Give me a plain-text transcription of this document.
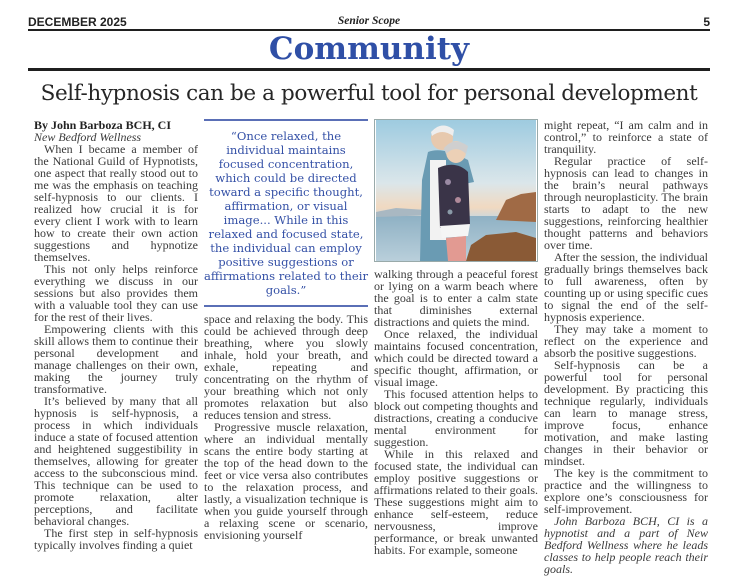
DECEMBER 2025	Senior Scope	5
Community
Self-hypnosis can be a powerful tool for personal development

By John Barboza BCH, CI

New Bedford Wellness

When I became a member of the National Guild of Hypnotists, one aspect that really stood out to me was the emphasis on teaching self-hypnosis to our clients. I realized how crucial it is for every client I work with to learn how to create their own action suggestions and hypnotize themselves.

This not only helps reinforce everything we discuss in our sessions but also provides them with a valuable tool they can use for the rest of their lives.

Empowering clients with this skill allows them to continue their personal development and manage challenges on their own, making the journey truly transformative.

It’s believed by many that all hypnosis is self-hypnosis, a process in which individuals induce a state of focused attention and heightened suggestibility in themselves, allowing for greater access to the subconscious mind. This technique can be used to promote relaxation, alter perceptions, and facilitate behavioral changes.

The first step in self-hypnosis typically involves finding a quiet

“Once relaxed, the individual maintains focused concentration, which could be directed toward a specific thought, affirmation, or visual image... While in this relaxed and focused state, the individual can employ positive suggestions or affirmations related to their goals.”

space and relaxing the body. This could be achieved through deep breathing, where you slowly inhale, hold your breath, and exhale, repeating and concentrating on the rhythm of your breathing which not only promotes relaxation but also reduces tension and stress.

Progressive muscle relaxation, where an individual mentally scans the entire body starting at the top of the head down to the feet or vice versa also contributes to the relaxation process, and lastly, a visualization technique is when you guide yourself through a relaxing scene or scenario, envisioning yourself

walking through a peaceful forest or lying on a warm beach where the goal is to enter a calm state that diminishes external distractions and quiets the mind.

Once relaxed, the individual maintains focused concentration, which could be directed toward a specific thought, affirmation, or visual image.

This focused attention helps to block out competing thoughts and distractions, creating a conducive mental environment for suggestion.

While in this relaxed and focused state, the individual can employ positive suggestions or affirmations related to their goals. These suggestions might aim to enhance self-esteem, reduce nervousness, improve performance, or break unwanted habits. For example, someone

might repeat, “I am calm and in control,” to reinforce a state of tranquility.

Regular practice of self-hypnosis can lead to changes in the brain’s neural pathways through neuroplasticity. The brain starts to adapt to the new suggestions, reinforcing healthier thought patterns and behaviors over time.

After the session, the individual gradually brings themselves back to full awareness, often by counting up or using specific cues to signal the end of the self-hypnosis experience.

They may take a moment to reflect on the experience and absorb the positive suggestions.

Self-hypnosis can be a powerful tool for personal development. By practicing this technique regularly, individuals can learn to manage stress, improve focus, enhance motivation, and make lasting changes in their behavior or mindset.

The key is the commitment to practice and the willingness to explore one’s consciousness for self-improvement.

John Barboza BCH, CI is a hypnotist and a part of New Bedford Wellness where he leads classes to help people reach their goals.
